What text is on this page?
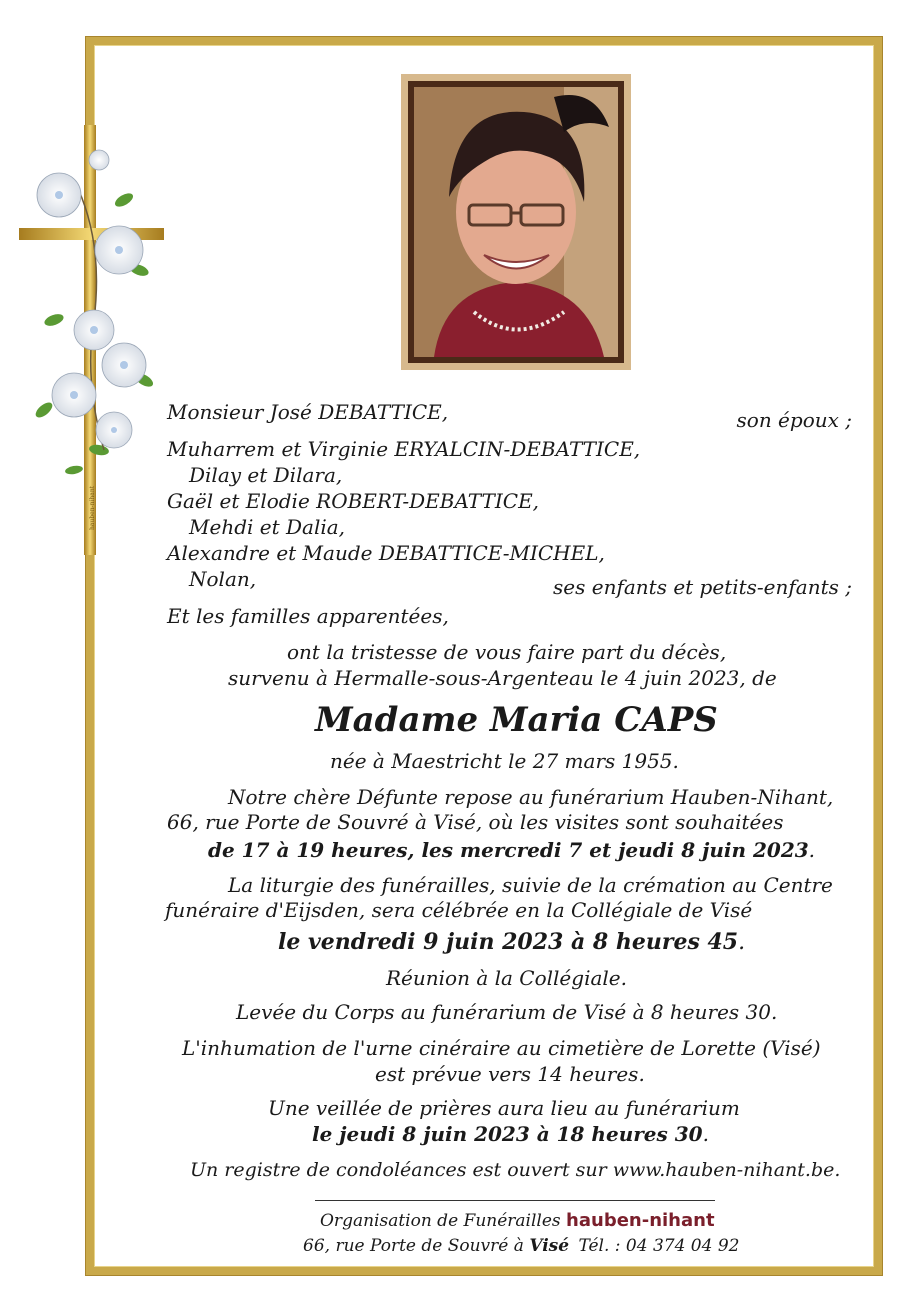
hauben-nihant
Monsieur José DEBATTICE,	son époux ;
Muharrem et Virginie ERYALCIN-DEBATTICE,
Dilay et Dilara,
Gaël et Elodie ROBERT-DEBATTICE,
Mehdi et Dalia,
Alexandre et Maude DEBATTICE-MICHEL,
Nolan,	ses enfants et petits-enfants ;
Et les familles apparentées,
ont la tristesse de vous faire part du décès,
survenu à Hermalle-sous-Argenteau le 4 juin 2023, de
Madame Maria CAPS
née à Maestricht le 27 mars 1955.
Notre chère Défunte repose au funérarium Hauben-Nihant,
66, rue Porte de Souvré à Visé, où les visites sont souhaitées
de 17 à 19 heures, les mercredi 7 et jeudi 8 juin 2023.
La liturgie des funérailles, suivie de la crémation au Centre
funéraire d'Eijsden, sera célébrée en la Collégiale de Visé
le vendredi 9 juin 2023 à 8 heures 45.
Réunion à la Collégiale.
Levée du Corps au funérarium de Visé à 8 heures 30.
L'inhumation de l'urne cinéraire au cimetière de Lorette (Visé)
est prévue vers 14 heures.
Une veillée de prières aura lieu au funérarium
le jeudi 8 juin 2023 à 18 heures 30.
Un registre de condoléances est ouvert sur www.hauben-nihant.be.
Organisation de Funérailles hauben-nihant
66, rue Porte de Souvré à Visé Tél. : 04 374 04 92
